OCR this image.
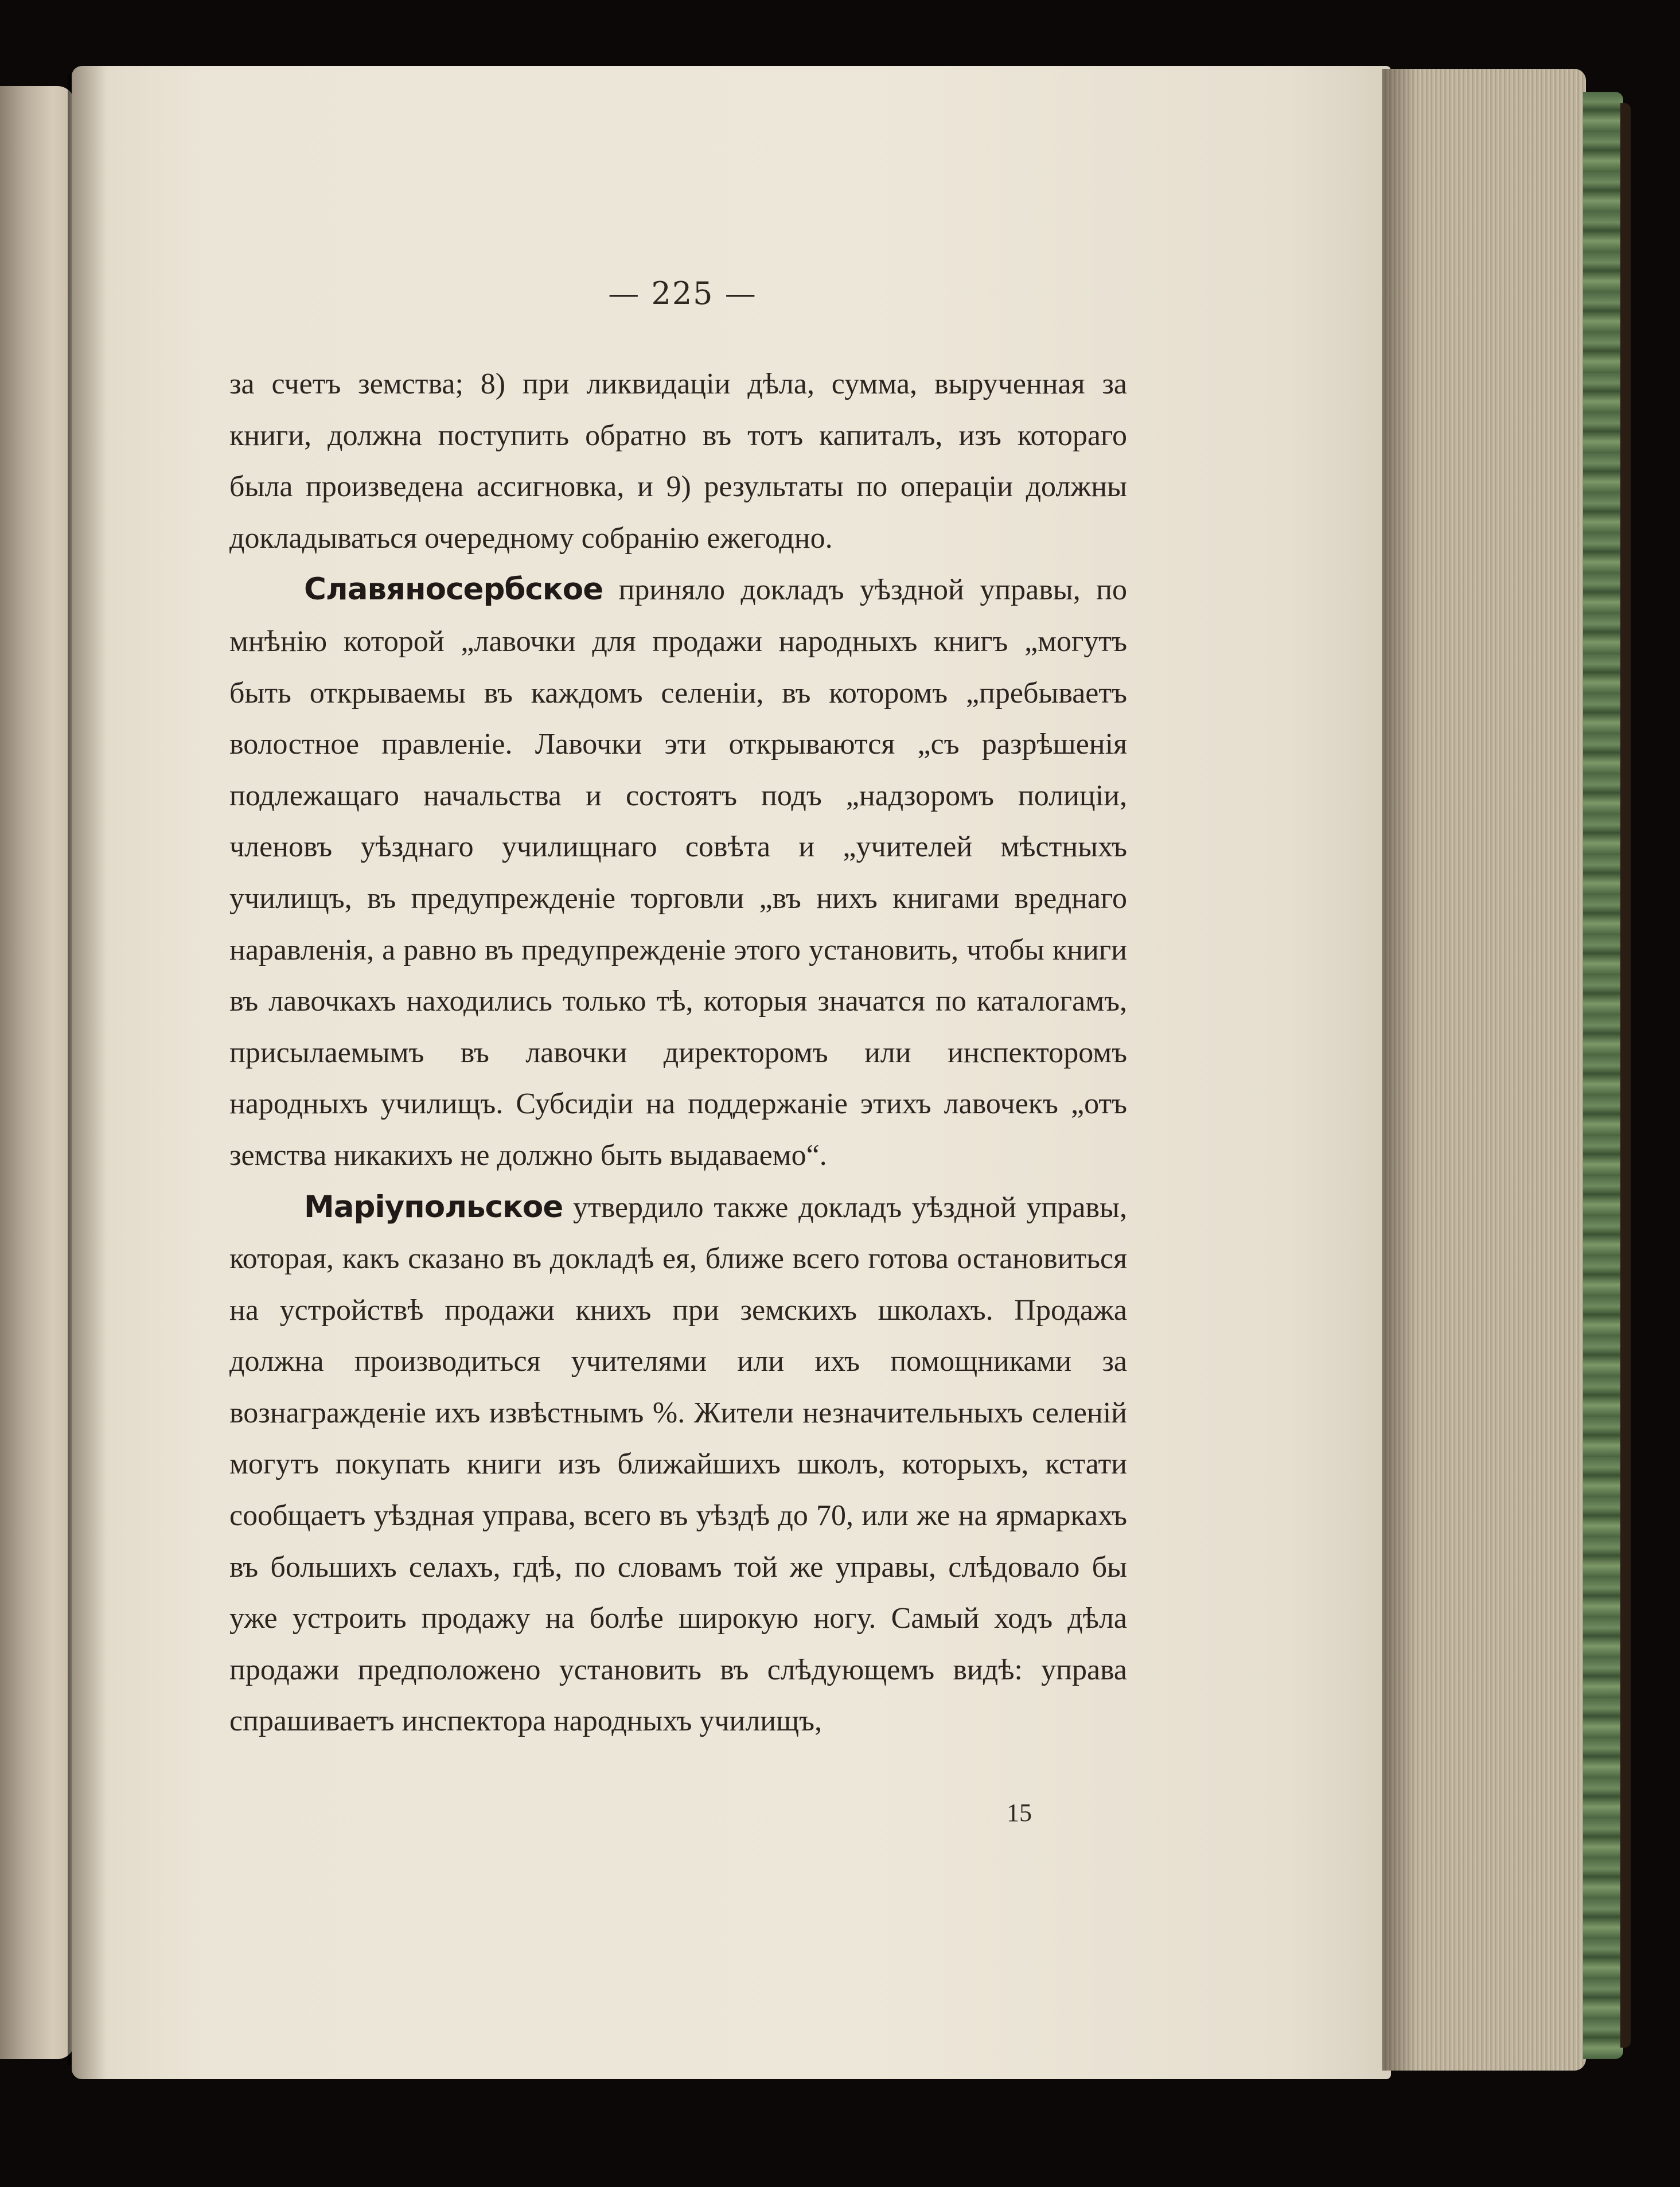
— 225 —

за счетъ земства; 8) при ликвидаціи дѣла, сумма, вырученная за книги, должна поступить обратно въ тотъ капиталъ, изъ котораго была произведена ассигновка, и 9) результаты по операціи должны докладываться очередному собранію ежегодно.

Славяносербское приняло докладъ уѣздной управы, по мнѣнію которой „лавочки для продажи народныхъ книгъ „могутъ быть открываемы въ каждомъ селеніи, въ которомъ „пребываетъ волостное правленіе. Лавочки эти открываются „съ разрѣшенія подлежащаго начальства и состоятъ подъ „надзоромъ полиціи, членовъ уѣзднаго училищнаго совѣта и „учителей мѣстныхъ училищъ, въ предупрежденіе торговли „въ нихъ книгами вреднаго наравленія, а равно въ предупрежденіе этого установить, чтобы книги въ лавочкахъ находились только тѣ, которыя значатся по каталогамъ, присылаемымъ въ лавочки директоромъ или инспекторомъ народныхъ училищъ. Субсидіи на поддержаніе этихъ лавочекъ „отъ земства никакихъ не должно быть выдаваемо“.

Маріупольское утвердило также докладъ уѣздной управы, которая, какъ сказано въ докладѣ ея, ближе всего готова остановиться на устройствѣ продажи книхъ при земскихъ школахъ. Продажа должна производиться учителями или ихъ помощниками за вознагражденіе ихъ извѣстнымъ %. Жители незначительныхъ селеній могутъ покупать книги изъ ближайшихъ школъ, которыхъ, кстати сообщаетъ уѣздная управа, всего въ уѣздѣ до 70, или же на ярмаркахъ въ большихъ селахъ, гдѣ, по словамъ той же управы, слѣдовало бы уже устроить продажу на болѣе широкую ногу. Самый ходъ дѣла продажи предположено установить въ слѣдующемъ видѣ: управа спрашиваетъ инспектора народныхъ училищъ,

15
